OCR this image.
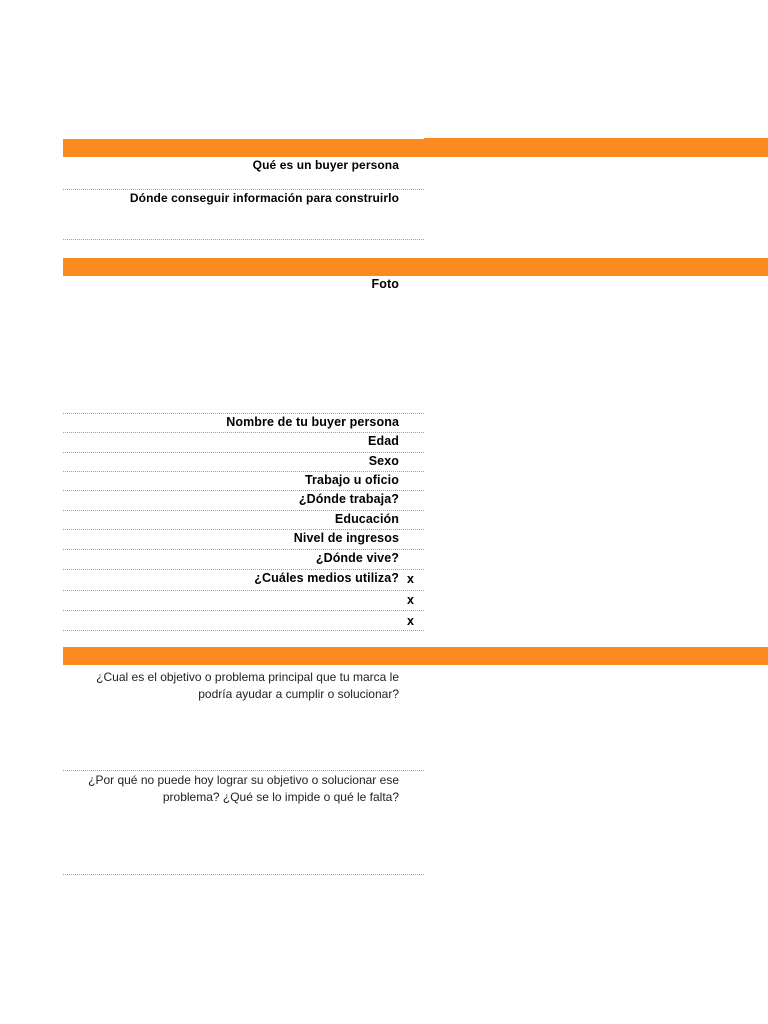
Qué es un buyer persona
Dónde conseguir información para construirlo
Foto
Nombre de tu buyer persona
Edad
Sexo
Trabajo u oficio
¿Dónde trabaja?
Educación
Nivel de ingresos
¿Dónde vive?
¿Cuáles medios utiliza? x
x
x
¿Cual es el objetivo o problema principal que tu marca le podría ayudar a cumplir o solucionar?
¿Por qué no puede hoy lograr su objetivo o solucionar ese problema? ¿Qué se lo impide o qué le falta?
